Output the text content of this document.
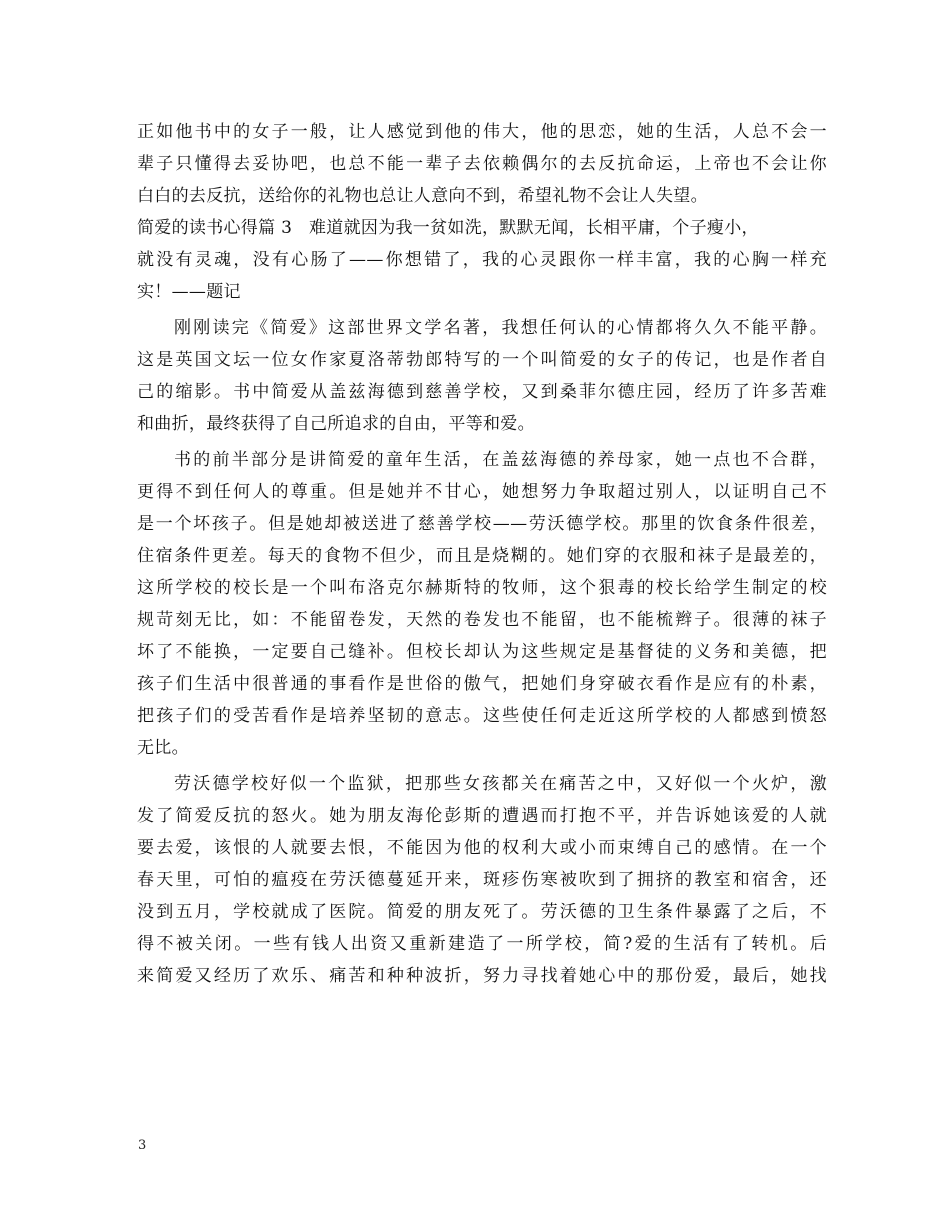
正如他书中的女子一般，让人感觉到他的伟大，他的思恋，她的生活，人总不会一
辈子只懂得去妥协吧，也总不能一辈子去依赖偶尔的去反抗命运，上帝也不会让你
白白的去反抗，送给你的礼物也总让人意向不到，希望礼物不会让人失望。
简爱的读书心得篇 3 难道就因为我一贫如洗，默默无闻，长相平庸，个子瘦小，
就没有灵魂，没有心肠了——你想错了，我的心灵跟你一样丰富，我的心胸一样充
实！——题记
刚刚读完《简爱》这部世界文学名著，我想任何认的心情都将久久不能平静。
这是英国文坛一位女作家夏洛蒂勃郎特写的一个叫简爱的女子的传记，也是作者自
己的缩影。书中简爱从盖兹海德到慈善学校，又到桑菲尔德庄园，经历了许多苦难
和曲折，最终获得了自己所追求的自由，平等和爱。
书的前半部分是讲简爱的童年生活，在盖兹海德的养母家，她一点也不合群，
更得不到任何人的尊重。但是她并不甘心，她想努力争取超过别人，以证明自己不
是一个坏孩子。但是她却被送进了慈善学校——劳沃德学校。那里的饮食条件很差，
住宿条件更差。每天的食物不但少，而且是烧糊的。她们穿的衣服和袜子是最差的，
这所学校的校长是一个叫布洛克尔赫斯特的牧师，这个狠毒的校长给学生制定的校
规苛刻无比，如：不能留卷发，天然的卷发也不能留，也不能梳辫子。很薄的袜子
坏了不能换，一定要自己缝补。但校长却认为这些规定是基督徒的义务和美德，把
孩子们生活中很普通的事看作是世俗的傲气，把她们身穿破衣看作是应有的朴素，
把孩子们的受苦看作是培养坚韧的意志。这些使任何走近这所学校的人都感到愤怒
无比。
劳沃德学校好似一个监狱，把那些女孩都关在痛苦之中，又好似一个火炉，激
发了简爱反抗的怒火。她为朋友海伦彭斯的遭遇而打抱不平，并告诉她该爱的人就
要去爱，该恨的人就要去恨，不能因为他的权利大或小而束缚自己的感情。在一个
春天里，可怕的瘟疫在劳沃德蔓延开来，斑疹伤寒被吹到了拥挤的教室和宿舍，还
没到五月，学校就成了医院。简爱的朋友死了。劳沃德的卫生条件暴露了之后，不
得不被关闭。一些有钱人出资又重新建造了一所学校，简?爱的生活有了转机。后
来简爱又经历了欢乐、痛苦和种种波折，努力寻找着她心中的那份爱，最后，她找
3
